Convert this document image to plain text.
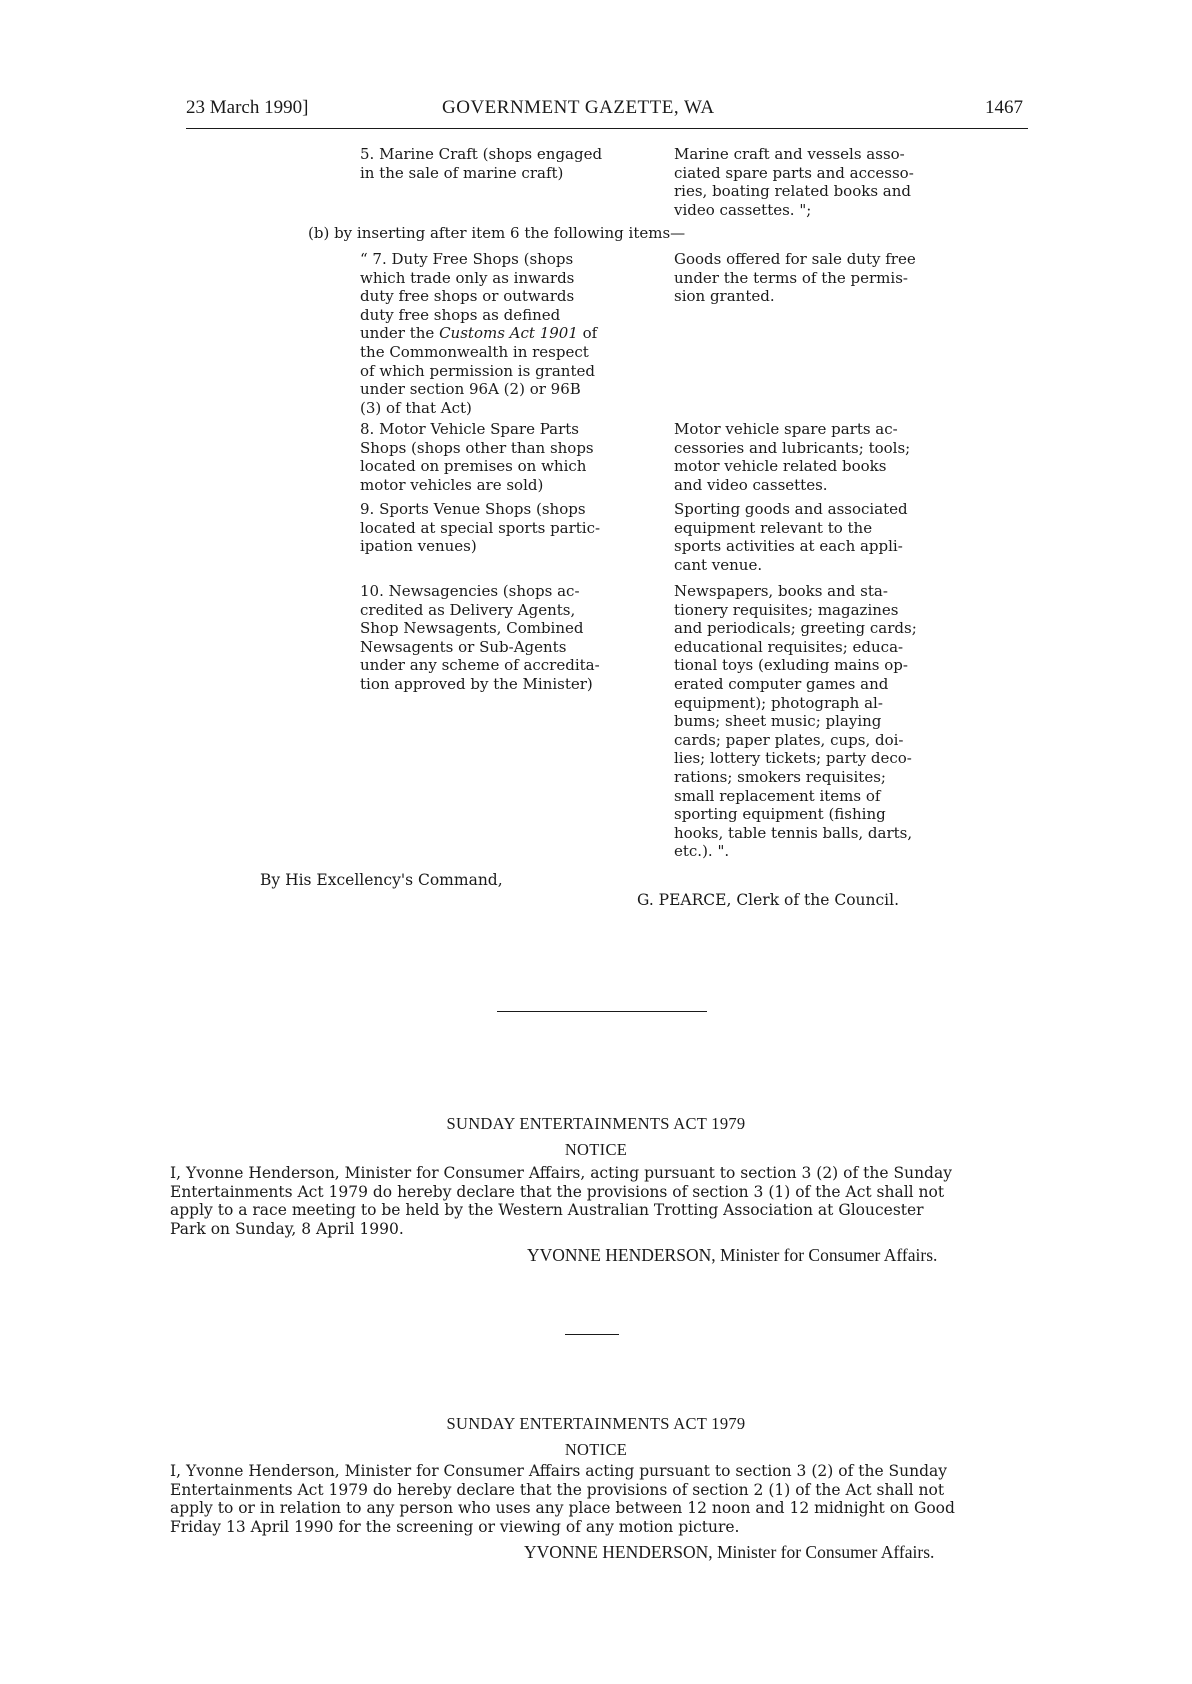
23 March 1990]	GOVERNMENT GAZETTE, WA	1467
5. Marine Craft (shops engaged
in the sale of marine craft)
Marine craft and vessels asso-
ciated spare parts and accesso-
ries, boating related books and
video cassettes. ";
(b) by inserting after item 6 the following items—
“ 7. Duty Free Shops (shops
which trade only as inwards
duty free shops or outwards
duty free shops as defined
under the Customs Act 1901 of
the Commonwealth in respect
of which permission is granted
under section 96A (2) or 96B
(3) of that Act)
Goods offered for sale duty free
under the terms of the permis-
sion granted.
8. Motor Vehicle Spare Parts
Shops (shops other than shops
located on premises on which
motor vehicles are sold)
Motor vehicle spare parts ac-
cessories and lubricants; tools;
motor vehicle related books
and video cassettes.
9. Sports Venue Shops (shops
located at special sports partic-
ipation venues)
Sporting goods and associated
equipment relevant to the
sports activities at each appli-
cant venue.
10. Newsagencies (shops ac-
credited as Delivery Agents,
Shop Newsagents, Combined
Newsagents or Sub-Agents
under any scheme of accredita-
tion approved by the Minister)
Newspapers, books and sta-
tionery requisites; magazines
and periodicals; greeting cards;
educational requisites; educa-
tional toys (exluding mains op-
erated computer games and
equipment); photograph al-
bums; sheet music; playing
cards; paper plates, cups, doi-
lies; lottery tickets; party deco-
rations; smokers requisites;
small replacement items of
sporting equipment (fishing
hooks, table tennis balls, darts,
etc.). ".
By His Excellency's Command,
G. PEARCE, Clerk of the Council.
SUNDAY ENTERTAINMENTS ACT 1979
NOTICE
I, Yvonne Henderson, Minister for Consumer Affairs, acting pursuant to section 3 (2) of the Sunday
Entertainments Act 1979 do hereby declare that the provisions of section 3 (1) of the Act shall not
apply to a race meeting to be held by the Western Australian Trotting Association at Gloucester
Park on Sunday, 8 April 1990.
YVONNE HENDERSON, Minister for Consumer Affairs.
SUNDAY ENTERTAINMENTS ACT 1979
NOTICE
I, Yvonne Henderson, Minister for Consumer Affairs acting pursuant to section 3 (2) of the Sunday
Entertainments Act 1979 do hereby declare that the provisions of section 2 (1) of the Act shall not
apply to or in relation to any person who uses any place between 12 noon and 12 midnight on Good
Friday 13 April 1990 for the screening or viewing of any motion picture.
YVONNE HENDERSON, Minister for Consumer Affairs.
